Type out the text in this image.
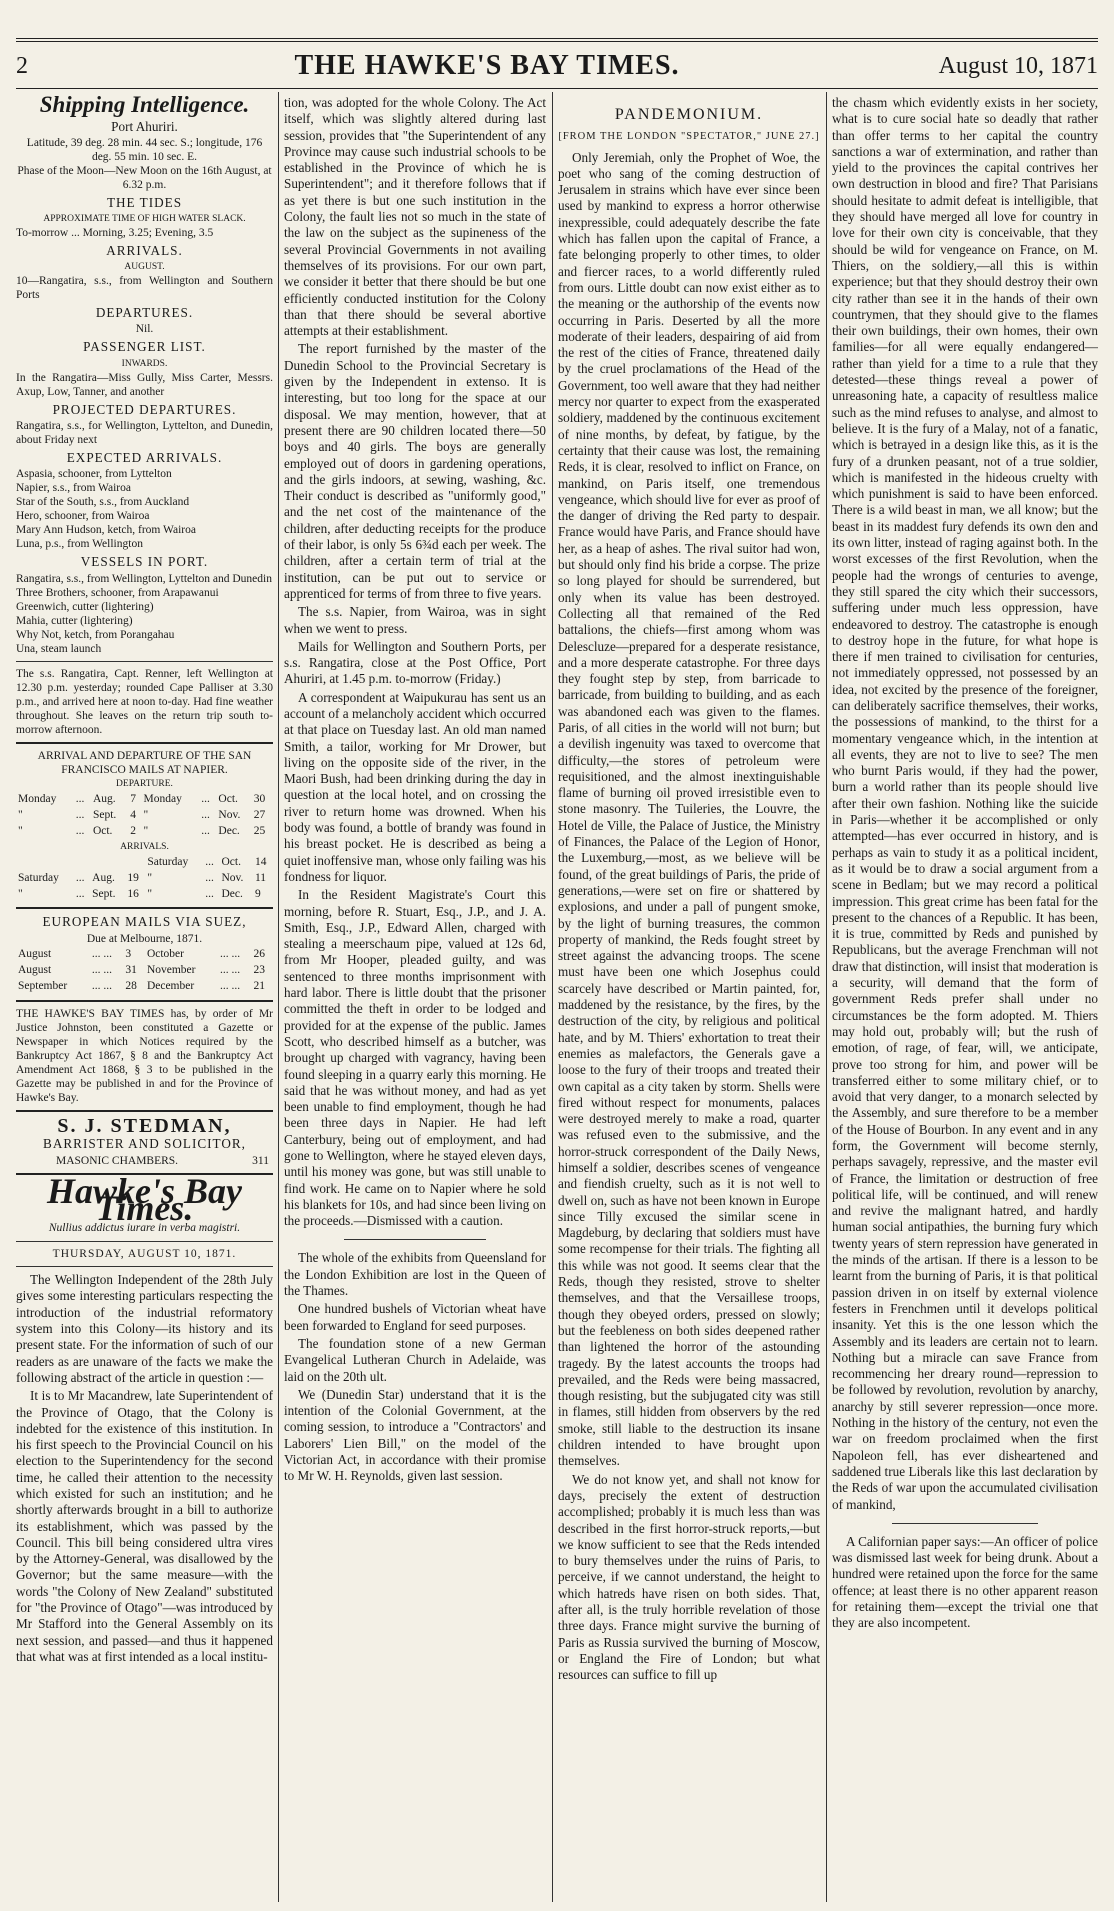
2	THE HAWKE'S BAY TIMES.	August 10, 1871
Shipping Intelligence.
Port Ahuriri.
Latitude, 39 deg. 28 min. 44 sec. S.; longitude, 176 deg. 55 min. 10 sec. E.
Phase of the Moon—New Moon on the 16th August, at 6.32 p.m.
THE TIDES
APPROXIMATE TIME OF HIGH WATER SLACK.
To-morrow ... Morning, 3.25; Evening, 3.5
ARRIVALS.
AUGUST.
10—Rangatira, s.s., from Wellington and Southern Ports
DEPARTURES.
Nil.
PASSENGER LIST.
INWARDS.
In the Rangatira—Miss Gully, Miss Carter, Messrs. Axup, Low, Tanner, and another
PROJECTED DEPARTURES.
Rangatira, s.s., for Wellington, Lyttelton, and Dunedin, about Friday next
EXPECTED ARRIVALS.
Aspasia, schooner, from Lyttelton
Napier, s.s., from Wairoa
Star of the South, s.s., from Auckland
Hero, schooner, from Wairoa
Mary Ann Hudson, ketch, from Wairoa
Luna, p.s., from Wellington
VESSELS IN PORT.
Rangatira, s.s., from Wellington, Lyttelton and Dunedin
Three Brothers, schooner, from Arapawanui
Greenwich, cutter (lightering)
Mahia, cutter (lightering)
Why Not, ketch, from Porangahau
Una, steam launch
The s.s. Rangatira, Capt. Renner, left Wellington at 12.30 p.m. yesterday; rounded Cape Palliser at 3.30 p.m., and arrived here at noon to-day. Had fine weather throughout. She leaves on the return trip south to-morrow afternoon.
ARRIVAL AND DEPARTURE OF THE SAN FRANCISCO MAILS AT NAPIER.
DEPARTURE.
Monday	...	Aug.	7	Monday	...	Oct.	30
"	...	Sept.	4	"	...	Nov.	27
"	...	Oct.	2	"	...	Dec.	25
ARRIVALS.
				Saturday	...	Oct.	14
Saturday	...	Aug.	19	"	...	Nov.	11
"	...	Sept.	16	"	...	Dec.	9
EUROPEAN MAILS VIA SUEZ,
Due at Melbourne, 1871.
August	... ...	3	October	... ...	26
August	... ...	31	November	... ...	23
September	... ...	28	December	... ...	21
THE HAWKE'S BAY TIMES has, by order of Mr Justice Johnston, been constituted a Gazette or Newspaper in which Notices required by the Bankruptcy Act 1867, § 8 and the Bankruptcy Act Amendment Act 1868, § 3 to be published in the Gazette may be published in and for the Province of Hawke's Bay.
S. J. STEDMAN,
BARRISTER AND SOLICITOR,
MASONIC CHAMBERS.	311
Hawke's Bay Times.
Nullius addictus iurare in verba magistri.
THURSDAY, AUGUST 10, 1871.

The Wellington Independent of the 28th July gives some interesting particulars respecting the introduction of the industrial reformatory system into this Colony—its history and its present state. For the information of such of our readers as are unaware of the facts we make the following abstract of the article in question :—

It is to Mr Macandrew, late Superintendent of the Province of Otago, that the Colony is indebted for the existence of this institution. In his first speech to the Provincial Council on his election to the Superintendency for the second time, he called their attention to the necessity which existed for such an institution; and he shortly afterwards brought in a bill to authorize its establishment, which was passed by the Council. This bill being considered ultra vires by the Attorney-General, was disallowed by the Governor; but the same measure—with the words "the Colony of New Zealand" substituted for "the Province of Otago"—was introduced by Mr Stafford into the General Assembly on its next session, and passed—and thus it happened that what was at first intended as a local institu-

tion, was adopted for the whole Colony. The Act itself, which was slightly altered during last session, provides that "the Superintendent of any Province may cause such industrial schools to be established in the Province of which he is Superintendent"; and it therefore follows that if as yet there is but one such institution in the Colony, the fault lies not so much in the state of the law on the subject as the supineness of the several Provincial Governments in not availing themselves of its provisions. For our own part, we consider it better that there should be but one efficiently conducted institution for the Colony than that there should be several abortive attempts at their establishment.

The report furnished by the master of the Dunedin School to the Provincial Secretary is given by the Independent in extenso. It is interesting, but too long for the space at our disposal. We may mention, however, that at present there are 90 children located there—50 boys and 40 girls. The boys are generally employed out of doors in gardening operations, and the girls indoors, at sewing, washing, &c. Their conduct is described as "uniformly good," and the net cost of the maintenance of the children, after deducting receipts for the produce of their labor, is only 5s 6¾d each per week. The children, after a certain term of trial at the institution, can be put out to service or apprenticed for terms of from three to five years.

The s.s. Napier, from Wairoa, was in sight when we went to press.

Mails for Wellington and Southern Ports, per s.s. Rangatira, close at the Post Office, Port Ahuriri, at 1.45 p.m. to-morrow (Friday.)

A correspondent at Waipukurau has sent us an account of a melancholy accident which occurred at that place on Tuesday last. An old man named Smith, a tailor, working for Mr Drower, but living on the opposite side of the river, in the Maori Bush, had been drinking during the day in question at the local hotel, and on crossing the river to return home was drowned. When his body was found, a bottle of brandy was found in his breast pocket. He is described as being a quiet inoffensive man, whose only failing was his fondness for liquor.

In the Resident Magistrate's Court this morning, before R. Stuart, Esq., J.P., and J. A. Smith, Esq., J.P., Edward Allen, charged with stealing a meerschaum pipe, valued at 12s 6d, from Mr Hooper, pleaded guilty, and was sentenced to three months imprisonment with hard labor. There is little doubt that the prisoner committed the theft in order to be lodged and provided for at the expense of the public. James Scott, who described himself as a butcher, was brought up charged with vagrancy, having been found sleeping in a quarry early this morning. He said that he was without money, and had as yet been unable to find employment, though he had been three days in Napier. He had left Canterbury, being out of employment, and had gone to Wellington, where he stayed eleven days, until his money was gone, but was still unable to find work. He came on to Napier where he sold his blankets for 10s, and had since been living on the proceeds.—Dismissed with a caution.

The whole of the exhibits from Queensland for the London Exhibition are lost in the Queen of the Thames.

One hundred bushels of Victorian wheat have been forwarded to England for seed purposes.

The foundation stone of a new German Evangelical Lutheran Church in Adelaide, was laid on the 20th ult.

We (Dunedin Star) understand that it is the intention of the Colonial Government, at the coming session, to introduce a "Contractors' and Laborers' Lien Bill," on the model of the Victorian Act, in accordance with their promise to Mr W. H. Reynolds, given last session.

PANDEMONIUM.
[FROM THE LONDON "SPECTATOR," JUNE 27.]

Only Jeremiah, only the Prophet of Woe, the poet who sang of the coming destruction of Jerusalem in strains which have ever since been used by mankind to express a horror otherwise inexpressible, could adequately describe the fate which has fallen upon the capital of France, a fate belonging properly to other times, to older and fiercer races, to a world differently ruled from ours. Little doubt can now exist either as to the meaning or the authorship of the events now occurring in Paris. Deserted by all the more moderate of their leaders, despairing of aid from the rest of the cities of France, threatened daily by the cruel proclamations of the Head of the Government, too well aware that they had neither mercy nor quarter to expect from the exasperated soldiery, maddened by the continuous excitement of nine months, by defeat, by fatigue, by the certainty that their cause was lost, the remaining Reds, it is clear, resolved to inflict on France, on mankind, on Paris itself, one tremendous vengeance, which should live for ever as proof of the danger of driving the Red party to despair. France would have Paris, and France should have her, as a heap of ashes. The rival suitor had won, but should only find his bride a corpse. The prize so long played for should be surrendered, but only when its value has been destroyed. Collecting all that remained of the Red battalions, the chiefs—first among whom was Delescluze—prepared for a desperate resistance, and a more desperate catastrophe. For three days they fought step by step, from barricade to barricade, from building to building, and as each was abandoned each was given to the flames. Paris, of all cities in the world will not burn; but a devilish ingenuity was taxed to overcome that difficulty,—the stores of petroleum were requisitioned, and the almost inextinguishable flame of burning oil proved irresistible even to stone masonry. The Tuileries, the Louvre, the Hotel de Ville, the Palace of Justice, the Ministry of Finances, the Palace of the Legion of Honor, the Luxemburg,—most, as we believe will be found, of the great buildings of Paris, the pride of generations,—were set on fire or shattered by explosions, and under a pall of pungent smoke, by the light of burning treasures, the common property of mankind, the Reds fought street by street against the advancing troops. The scene must have been one which Josephus could scarcely have described or Martin painted, for, maddened by the resistance, by the fires, by the destruction of the city, by religious and political hate, and by M. Thiers' exhortation to treat their enemies as malefactors, the Generals gave a loose to the fury of their troops and treated their own capital as a city taken by storm. Shells were fired without respect for monuments, palaces were destroyed merely to make a road, quarter was refused even to the submissive, and the horror-struck correspondent of the Daily News, himself a soldier, describes scenes of vengeance and fiendish cruelty, such as it is not well to dwell on, such as have not been known in Europe since Tilly excused the similar scene in Magdeburg, by declaring that soldiers must have some recompense for their trials. The fighting all this while was not good. It seems clear that the Reds, though they resisted, strove to shelter themselves, and that the Versaillese troops, though they obeyed orders, pressed on slowly; but the feebleness on both sides deepened rather than lightened the horror of the astounding tragedy. By the latest accounts the troops had prevailed, and the Reds were being massacred, though resisting, but the subjugated city was still in flames, still hidden from observers by the red smoke, still liable to the destruction its insane children intended to have brought upon themselves.

We do not know yet, and shall not know for days, precisely the extent of destruction accomplished; probably it is much less than was described in the first horror-struck reports,—but we know sufficient to see that the Reds intended to bury themselves under the ruins of Paris, to perceive, if we cannot understand, the height to which hatreds have risen on both sides. That, after all, is the truly horrible revelation of those three days. France might survive the burning of Paris as Russia survived the burning of Moscow, or England the Fire of London; but what resources can suffice to fill up

the chasm which evidently exists in her society, what is to cure social hate so deadly that rather than offer terms to her capital the country sanctions a war of extermination, and rather than yield to the provinces the capital contrives her own destruction in blood and fire? That Parisians should hesitate to admit defeat is intelligible, that they should have merged all love for country in love for their own city is conceivable, that they should be wild for vengeance on France, on M. Thiers, on the soldiery,—all this is within experience; but that they should destroy their own city rather than see it in the hands of their own countrymen, that they should give to the flames their own buildings, their own homes, their own families—for all were equally endangered—rather than yield for a time to a rule that they detested—these things reveal a power of unreasoning hate, a capacity of resultless malice such as the mind refuses to analyse, and almost to believe. It is the fury of a Malay, not of a fanatic, which is betrayed in a design like this, as it is the fury of a drunken peasant, not of a true soldier, which is manifested in the hideous cruelty with which punishment is said to have been enforced. There is a wild beast in man, we all know; but the beast in its maddest fury defends its own den and its own litter, instead of raging against both. In the worst excesses of the first Revolution, when the people had the wrongs of centuries to avenge, they still spared the city which their successors, suffering under much less oppression, have endeavored to destroy. The catastrophe is enough to destroy hope in the future, for what hope is there if men trained to civilisation for centuries, not immediately oppressed, not possessed by an idea, not excited by the presence of the foreigner, can deliberately sacrifice themselves, their works, the possessions of mankind, to the thirst for a momentary vengeance which, in the intention at all events, they are not to live to see? The men who burnt Paris would, if they had the power, burn a world rather than its people should live after their own fashion. Nothing like the suicide in Paris—whether it be accomplished or only attempted—has ever occurred in history, and is perhaps as vain to study it as a political incident, as it would be to draw a social argument from a scene in Bedlam; but we may record a political impression. This great crime has been fatal for the present to the chances of a Republic. It has been, it is true, committed by Reds and punished by Republicans, but the average Frenchman will not draw that distinction, will insist that moderation is a security, will demand that the form of government Reds prefer shall under no circumstances be the form adopted. M. Thiers may hold out, probably will; but the rush of emotion, of rage, of fear, will, we anticipate, prove too strong for him, and power will be transferred either to some military chief, or to avoid that very danger, to a monarch selected by the Assembly, and sure therefore to be a member of the House of Bourbon. In any event and in any form, the Government will become sternly, perhaps savagely, repressive, and the master evil of France, the limitation or destruction of free political life, will be continued, and will renew and revive the malignant hatred, and hardly human social antipathies, the burning fury which twenty years of stern repression have generated in the minds of the artisan. If there is a lesson to be learnt from the burning of Paris, it is that political passion driven in on itself by external violence festers in Frenchmen until it develops political insanity. Yet this is the one lesson which the Assembly and its leaders are certain not to learn. Nothing but a miracle can save France from recommencing her dreary round—repression to be followed by revolution, revolution by anarchy, anarchy by still severer repression—once more. Nothing in the history of the century, not even the war on freedom proclaimed when the first Napoleon fell, has ever disheartened and saddened true Liberals like this last declaration by the Reds of war upon the accumulated civilisation of mankind,

A Californian paper says:—An officer of police was dismissed last week for being drunk. About a hundred were retained upon the force for the same offence; at least there is no other apparent reason for retaining them—except the trivial one that they are also incompetent.
